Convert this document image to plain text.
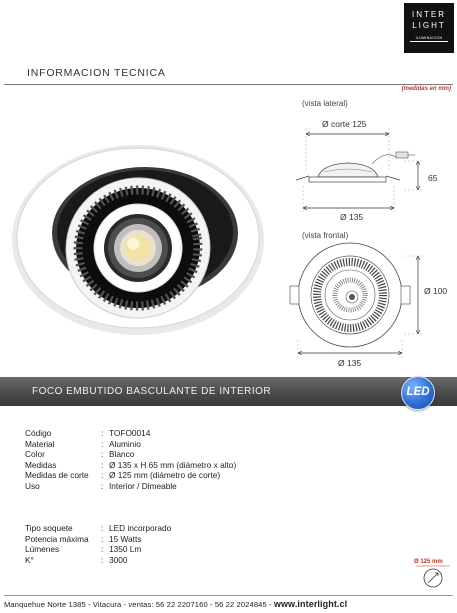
INTER
LIGHT
ILUMINACION
INFORMACION TECNICA
(medidas en mm)
(vista lateral)
Ø corte 125
65
Ø 135
(vista frontal)
Ø 100
Ø 135
FOCO EMBUTIDO BASCULANTE DE INTERIOR	LED
Código	: TOFO0014
Material	: Aluminio
Color	: Blanco
Medidas	: Ø 135 x H 65 mm (diámetro x alto)
Medidas de corte : Ø 125 mm (diámetro de corte)
Uso	: Interior / Dimeable
Tipo soquete	: LED incorporado
Potencia máxima : 15 Watts
Lúmenes	: 1350 Lm
K°	: 3000	Ø 125 mm
Manquehue Norte 1385 - Vitacura - ventas: 56 22 2207160 - 56 22 2024845 - www.interlight.cl
